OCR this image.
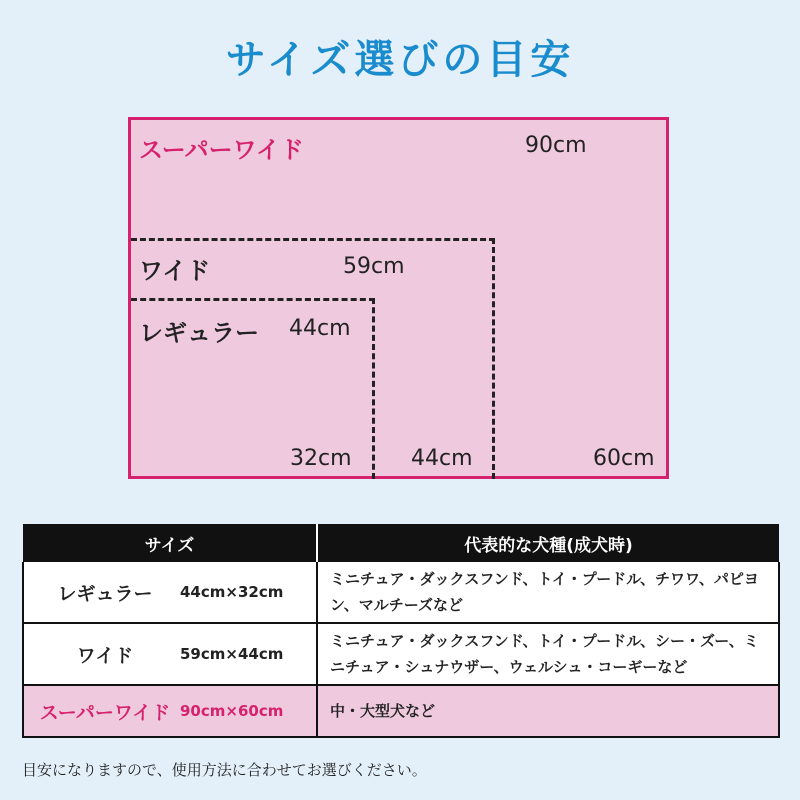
サイズ選びの目安
スーパーワイド	90cm
ワイド	59cm
レギュラー 44cm
32cm	44cm	60cm
サイズ	代表的な犬種(成犬時)

レギュラー 44cm×32cm	ミニチュア・ダックスフンド、トイ・プードル、チワワ、パピヨン、マルチーズなど

ワイド 59cm×44cm	ミニチュア・ダックスフンド、トイ・プードル、シー・ズー、ミニチュア・シュナウザー、ウェルシュ・コーギーなど

スーパーワイド 90cm×60cm	中・大型犬など
目安になりますので、使用方法に合わせてお選びください。
